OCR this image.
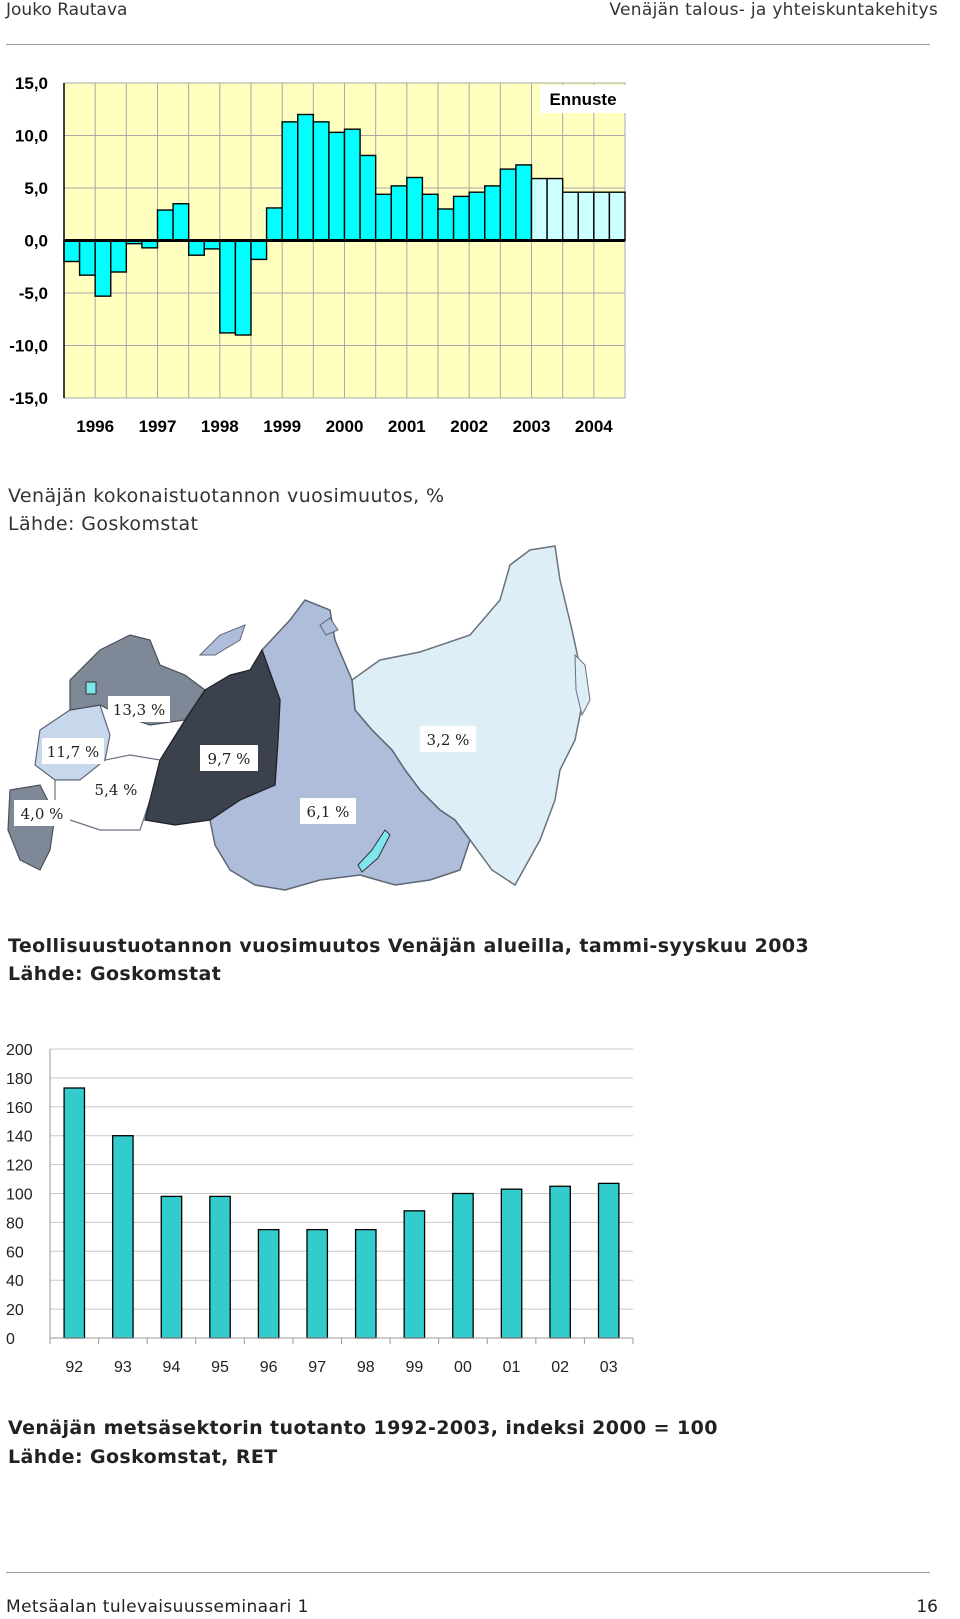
Jouko Rautava	Venäjän talous- ja yhteiskuntakehitys
15,0
10,0
5,0
0,0
-5,0
-10,0
-15,0
1996 1997 1998 1999 2000 2001 2002 2003 2004
Ennuste
Venäjän kokonaistuotannon vuosimuutos, %
Lähde: Goskomstat
13,3 %
11,7 %	9,7 %
5,4 %
4,0 %	6,1 %
3,2 %
Teollisuustuotannon vuosimuutos Venäjän alueilla, tammi-syyskuu 2003
Lähde: Goskomstat
0
20
40
60
80
100
120
140
160
180
200
92 93 94 95 96 97 98 99 00 01 02 03
Venäjän metsäsektorin tuotanto 1992-2003, indeksi 2000 = 100
Lähde: Goskomstat, RET
Metsäalan tulevaisuusseminaari 1	16
